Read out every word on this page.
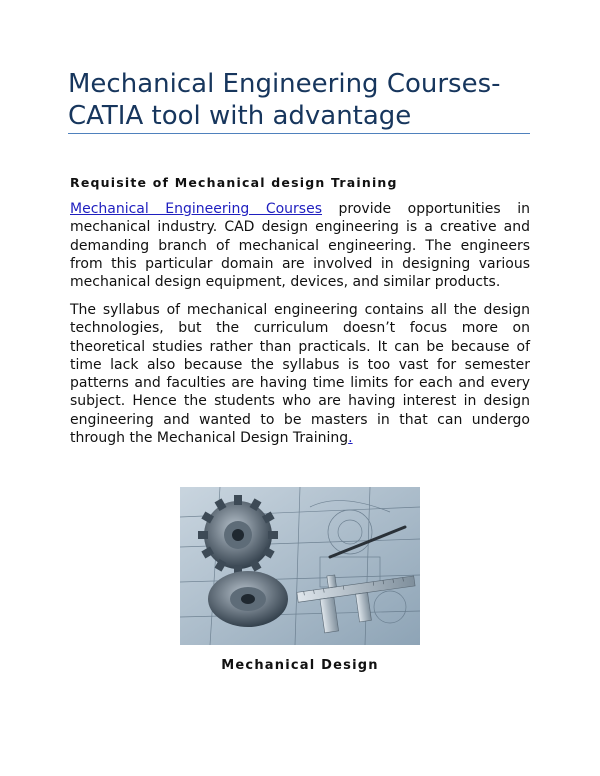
Mechanical Engineering Courses- CATIA tool with advantage
Requisite of Mechanical design Training

Mechanical Engineering Courses provide opportunities in mechanical industry. CAD design engineering is a creative and demanding branch of mechanical engineering. The engineers from this particular domain are involved in designing various mechanical design equipment, devices, and similar products.

The syllabus of mechanical engineering contains all the design technologies, but the curriculum doesn’t focus more on theoretical studies rather than practicals. It can be because of time lack also because the syllabus is too vast for semester patterns and faculties are having time limits for each and every subject. Hence the students who are having interest in design engineering and wanted to be masters in that can undergo through the Mechanical Design Training.

Mechanical Design
